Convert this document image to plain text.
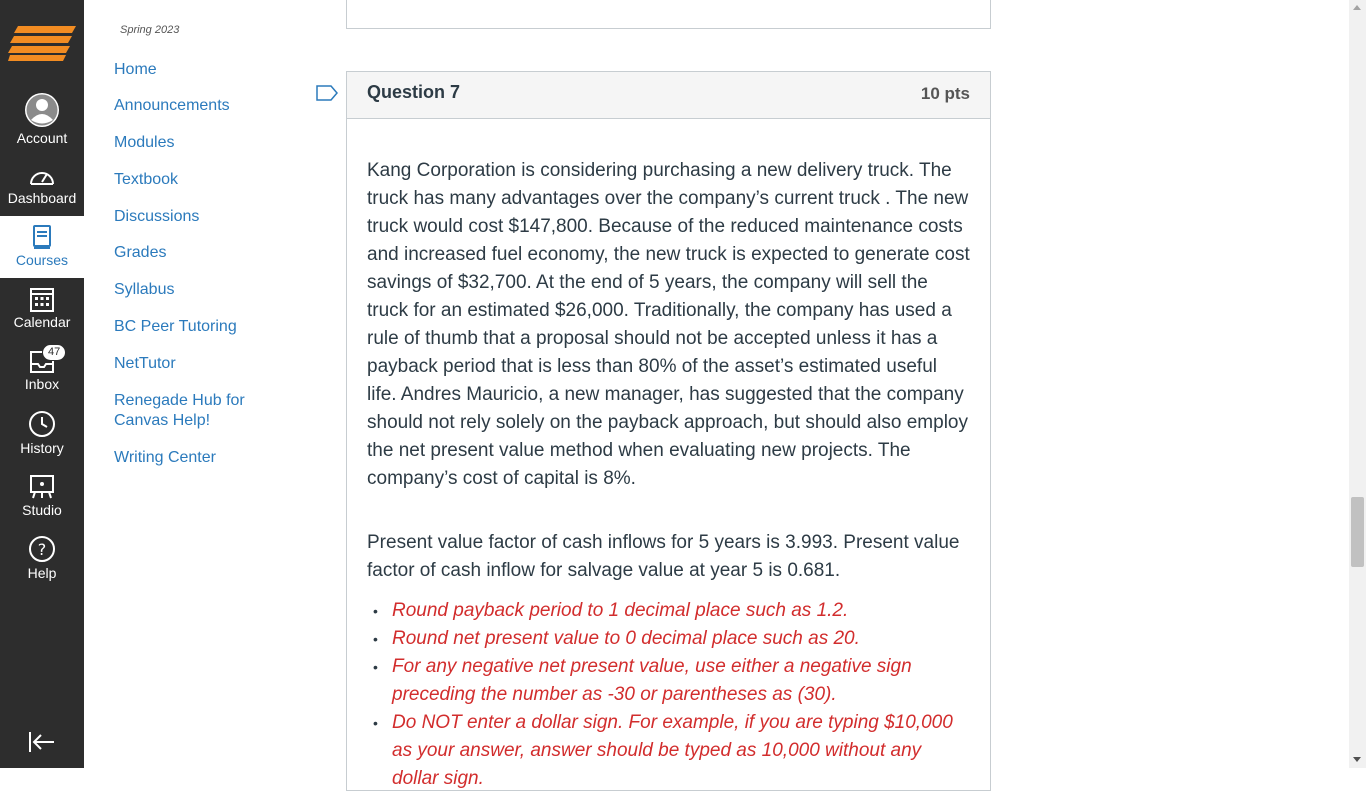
Account
Dashboard
Courses
Calendar
47
Inbox
History
Studio
?
Help
Spring 2023
Home
Announcements
Modules
Textbook
Discussions
Grades
Syllabus
BC Peer Tutoring
NetTutor
Renegade Hub for Canvas Help!
Writing Center
Question 7	10 pts

Kang Corporation is considering purchasing a new delivery truck. The truck has many advantages over the company’s current truck . The new truck would cost $147,800. Because of the reduced maintenance costs and increased fuel economy, the new truck is expected to generate cost savings of $32,700. At the end of 5 years, the company will sell the truck for an estimated $26,000. Traditionally, the company has used a rule of thumb that a proposal should not be accepted unless it has a payback period that is less than 80% of the asset’s estimated useful life. Andres Mauricio, a new manager, has suggested that the company should not rely solely on the payback approach, but should also employ the net present value method when evaluating new projects. The company’s cost of capital is 8%.

Present value factor of cash inflows for 5 years is 3.993. Present value factor of cash inflow for salvage value at year 5 is 0.681.

• Round payback period to 1 decimal place such as 1.2.
• Round net present value to 0 decimal place such as 20.
• For any negative net present value, use either a negative sign preceding the number as -30 or parentheses as (30).
• Do NOT enter a dollar sign. For example, if you are typing $10,000 as your answer, answer should be typed as 10,000 without any dollar sign.
